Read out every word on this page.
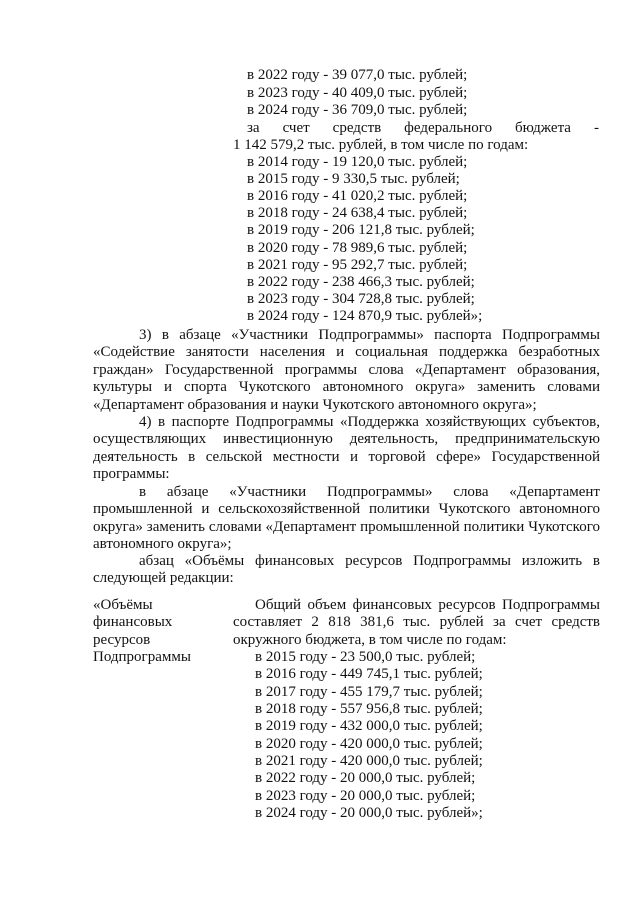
в 2022 году - 39 077,0 тыс. рублей;
в 2023 году - 40 409,0 тыс. рублей;
в 2024 году - 36 709,0 тыс. рублей;
за счет средств федерального бюджета -
1 142 579,2 тыс. рублей, в том числе по годам:
в 2014 году - 19 120,0 тыс. рублей;
в 2015 году - 9 330,5 тыс. рублей;
в 2016 году - 41 020,2 тыс. рублей;
в 2018 году - 24 638,4 тыс. рублей;
в 2019 году - 206 121,8 тыс. рублей;
в 2020 году - 78 989,6 тыс. рублей;
в 2021 году - 95 292,7 тыс. рублей;
в 2022 году - 238 466,3 тыс. рублей;
в 2023 году - 304 728,8 тыс. рублей;
в 2024 году - 124 870,9 тыс. рублей»;
3) в абзаце «Участники Подпрограммы» паспорта Подпрограммы
«Содействие занятости населения и социальная поддержка безработных
граждан» Государственной программы слова «Департамент образования,
культуры и спорта Чукотского автономного округа» заменить словами
«Департамент образования и науки Чукотского автономного округа»;
4) в паспорте Подпрограммы «Поддержка хозяйствующих субъектов,
осуществляющих инвестиционную деятельность, предпринимательскую
деятельность в сельской местности и торговой сфере» Государственной
программы:
в абзаце «Участники Подпрограммы» слова «Департамент
промышленной и сельскохозяйственной политики Чукотского автономного
округа» заменить словами «Департамент промышленной политики Чукотского
автономного округа»;
абзац «Объёмы финансовых ресурсов Подпрограммы изложить в
следующей редакции:
«Объёмы
финансовых
ресурсов
Подпрограммы
Общий объем финансовых ресурсов Подпрограммы
составляет 2 818 381,6 тыс. рублей за счет средств
окружного бюджета, в том числе по годам:
в 2015 году - 23 500,0 тыс. рублей;
в 2016 году - 449 745,1 тыс. рублей;
в 2017 году - 455 179,7 тыс. рублей;
в 2018 году - 557 956,8 тыс. рублей;
в 2019 году - 432 000,0 тыс. рублей;
в 2020 году - 420 000,0 тыс. рублей;
в 2021 году - 420 000,0 тыс. рублей;
в 2022 году - 20 000,0 тыс. рублей;
в 2023 году - 20 000,0 тыс. рублей;
в 2024 году - 20 000,0 тыс. рублей»;
